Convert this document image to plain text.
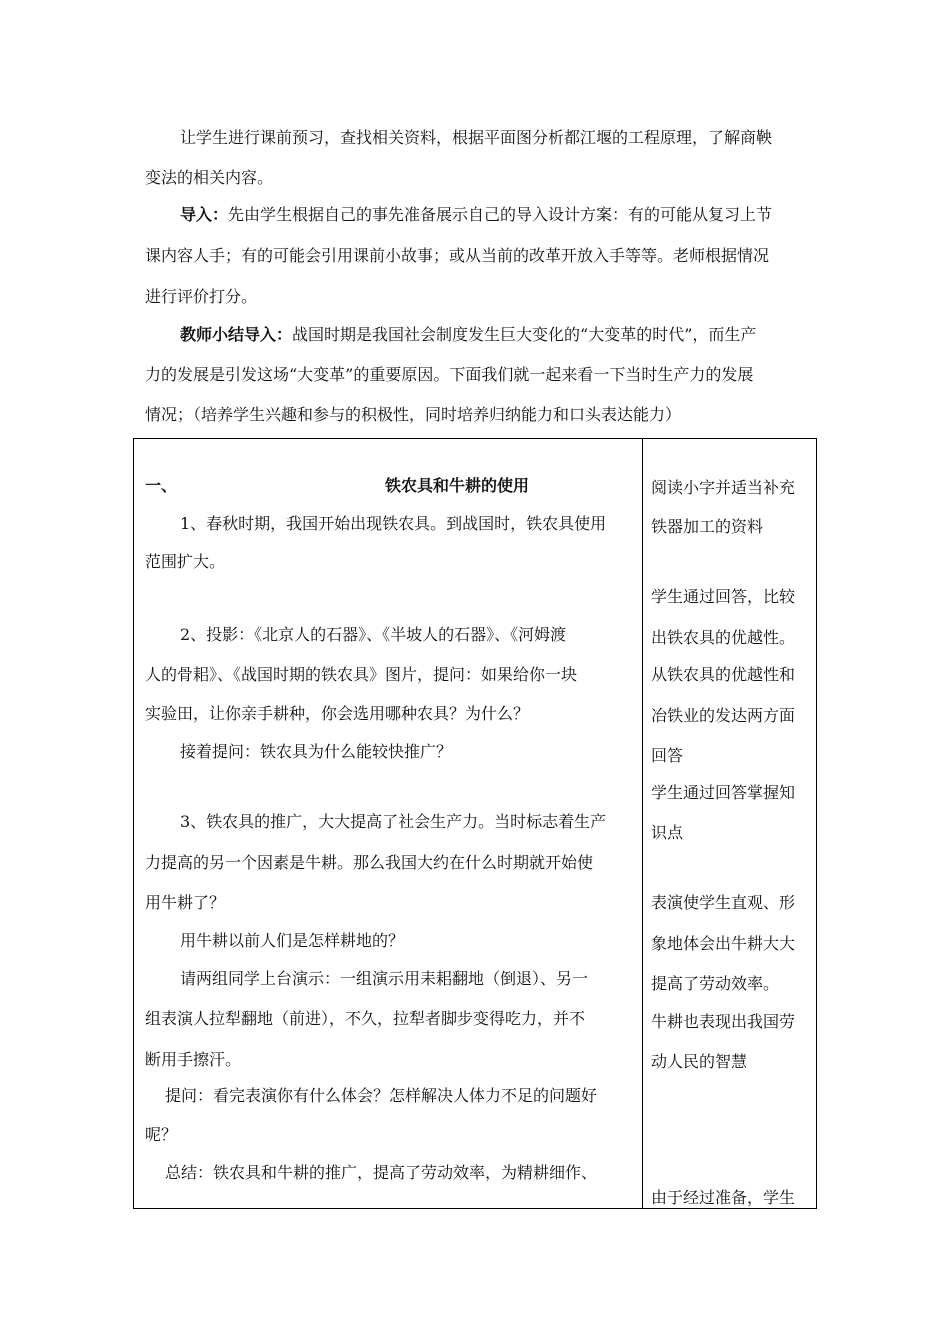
让学生进行课前预习，查找相关资料，根据平面图分析都江堰的工程原理，了解商鞅
变法的相关内容。
导入：先由学生根据自己的事先准备展示自己的导入设计方案：有的可能从复习上节
课内容人手；有的可能会引用课前小故事；或从当前的改革开放入手等等。老师根据情况
进行评价打分。
教师小结导入：战国时期是我国社会制度发生巨大变化的“大变革的时代”，而生产
力的发展是引发这场“大变革”的重要原因。下面我们就一起来看一下当时生产力的发展
情况；（培养学生兴趣和参与的积极性，同时培养归纳能力和口头表达能力）
一、	铁农具和牛耕的使用
1、春秋时期，我国开始出现铁农具。到战国时，铁农具使用
范围扩大。
2、投影：《北京人的石器》、《半坡人的石器》、《河姆渡
人的骨耜》、《战国时期的铁农具》图片，提问：如果给你一块
实验田，让你亲手耕种，你会选用哪种农具？为什么？
接着提问：铁农具为什么能较快推广？
3、铁农具的推广，大大提高了社会生产力。当时标志着生产
力提高的另一个因素是牛耕。那么我国大约在什么时期就开始使
用牛耕了？
用牛耕以前人们是怎样耕地的？
请两组同学上台演示：一组演示用耒耜翻地（倒退）、另一
组表演人拉犁翻地（前进），不久，拉犁者脚步变得吃力，并不
断用手擦汗。
提问：看完表演你有什么体会？怎样解决人体力不足的问题好
呢？
总结：铁农具和牛耕的推广，提高了劳动效率，为精耕细作、
阅读小字并适当补充
铁器加工的资料
学生通过回答，比较
出铁农具的优越性。
从铁农具的优越性和
冶铁业的发达两方面
回答
学生通过回答掌握知
识点
表演使学生直观、形
象地体会出牛耕大大
提高了劳动效率。
牛耕也表现出我国劳
动人民的智慧
由于经过准备，学生
